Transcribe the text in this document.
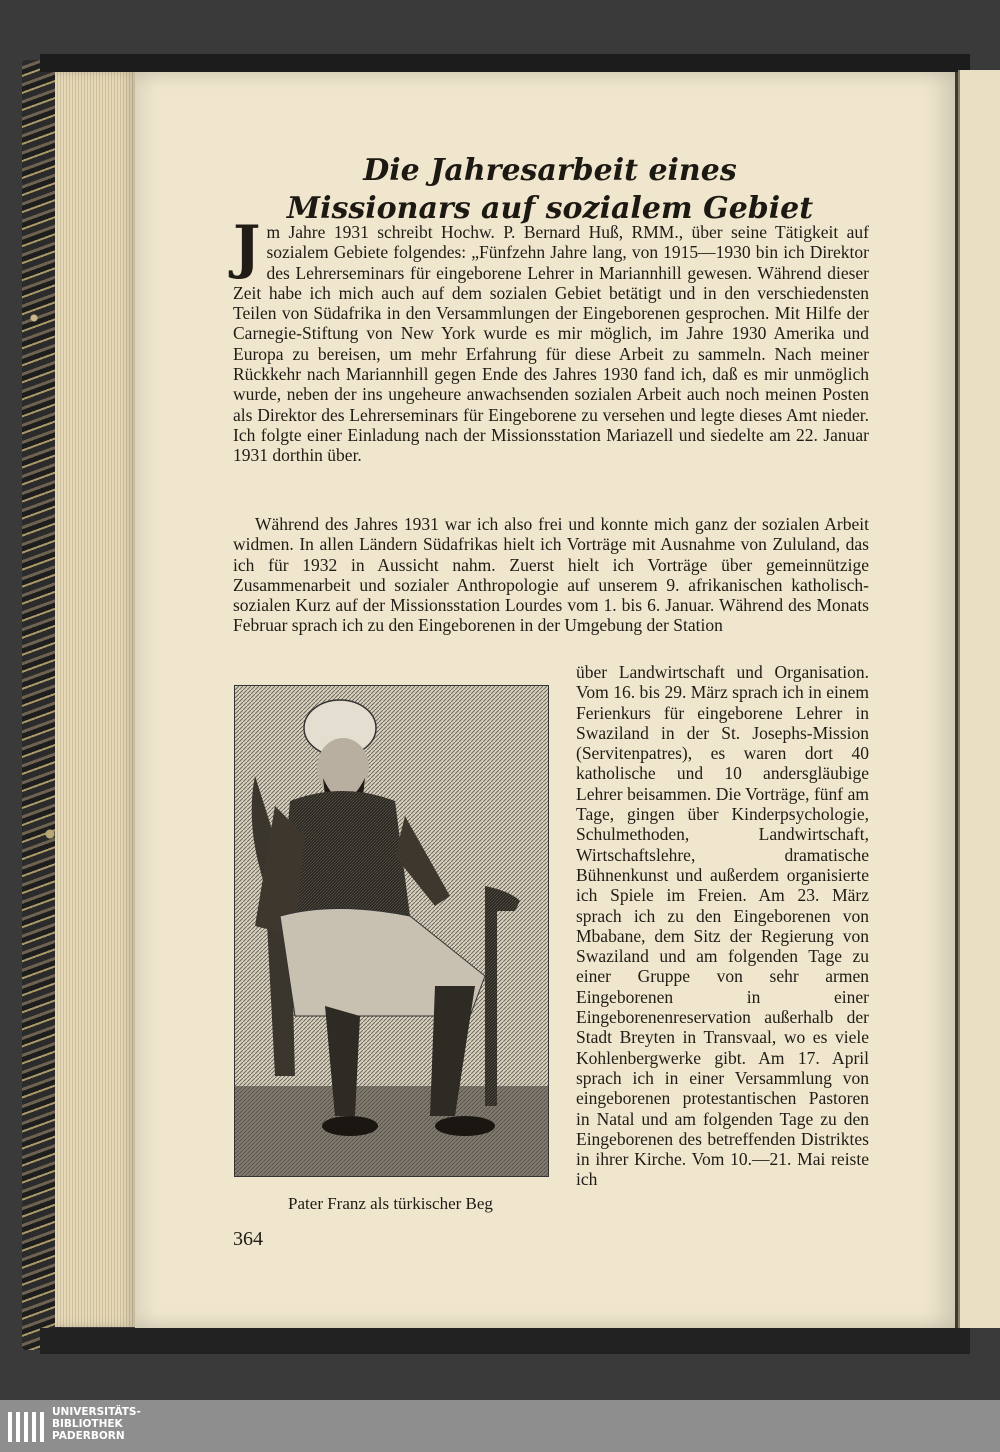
Die Jahresarbeit eines Missionars auf sozialem Gebiet
Jm Jahre 1931 schreibt Hochw. P. Bernard Huß, RMM., über seine Tätigkeit auf sozialem Gebiete folgendes: „Fünfzehn Jahre lang, von 1915—1930 bin ich Direktor des Lehrerseminars für eingeborene Lehrer in Mariannhill gewesen. Während dieser Zeit habe ich mich auch auf dem sozialen Gebiet betätigt und in den verschiedensten Teilen von Südafrika in den Versammlungen der Eingeborenen gesprochen. Mit Hilfe der Carnegie-Stiftung von New York wurde es mir möglich, im Jahre 1930 Amerika und Europa zu bereisen, um mehr Erfahrung für diese Arbeit zu sammeln. Nach meiner Rückkehr nach Mariannhill gegen Ende des Jahres 1930 fand ich, daß es mir unmöglich wurde, neben der ins ungeheure anwachsenden sozialen Arbeit auch noch meinen Posten als Direktor des Lehrerseminars für Eingeborene zu versehen und legte dieses Amt nieder. Ich folgte einer Einladung nach der Missionsstation Mariazell und siedelte am 22. Januar 1931 dorthin über.
Während des Jahres 1931 war ich also frei und konnte mich ganz der sozialen Arbeit widmen. In allen Ländern Südafrikas hielt ich Vorträge mit Ausnahme von Zululand, das ich für 1932 in Aussicht nahm. Zuerst hielt ich Vorträge über gemeinnützige Zusammenarbeit und sozialer Anthropologie auf unserem 9. afrikanischen katholisch-sozialen Kurz auf der Missionsstation Lourdes vom 1. bis 6. Januar. Während des Monats Februar sprach ich zu den Eingeborenen in der Umgebung der Station
über Landwirtschaft und Organisation. Vom 16. bis 29. März sprach ich in einem Ferienkurs für eingeborene Lehrer in Swaziland in der St. Josephs-Mission (Servitenpatres), es waren dort 40 katholische und 10 andersgläubige Lehrer beisammen. Die Vorträge, fünf am Tage, gingen über Kinderpsychologie, Schulmethoden, Landwirtschaft, Wirtschaftslehre, dramatische Bühnenkunst und außerdem organisierte ich Spiele im Freien. Am 23. März sprach ich zu den Eingeborenen von Mbabane, dem Sitz der Regierung von Swaziland und am folgenden Tage zu einer Gruppe von sehr armen Eingeborenen in einer Eingeborenenreservation außerhalb der Stadt Breyten in Transvaal, wo es viele Kohlenbergwerke gibt. Am 17. April sprach ich in einer Versammlung von eingeborenen protestantischen Pastoren in Natal und am folgenden Tage zu den Eingeborenen des betreffenden Distriktes in ihrer Kirche. Vom 10.—21. Mai reiste ich
Pater Franz als türkischer Beg
364
UNIVERSITÄTS-
BIBLIOTHEK
PADERBORN
